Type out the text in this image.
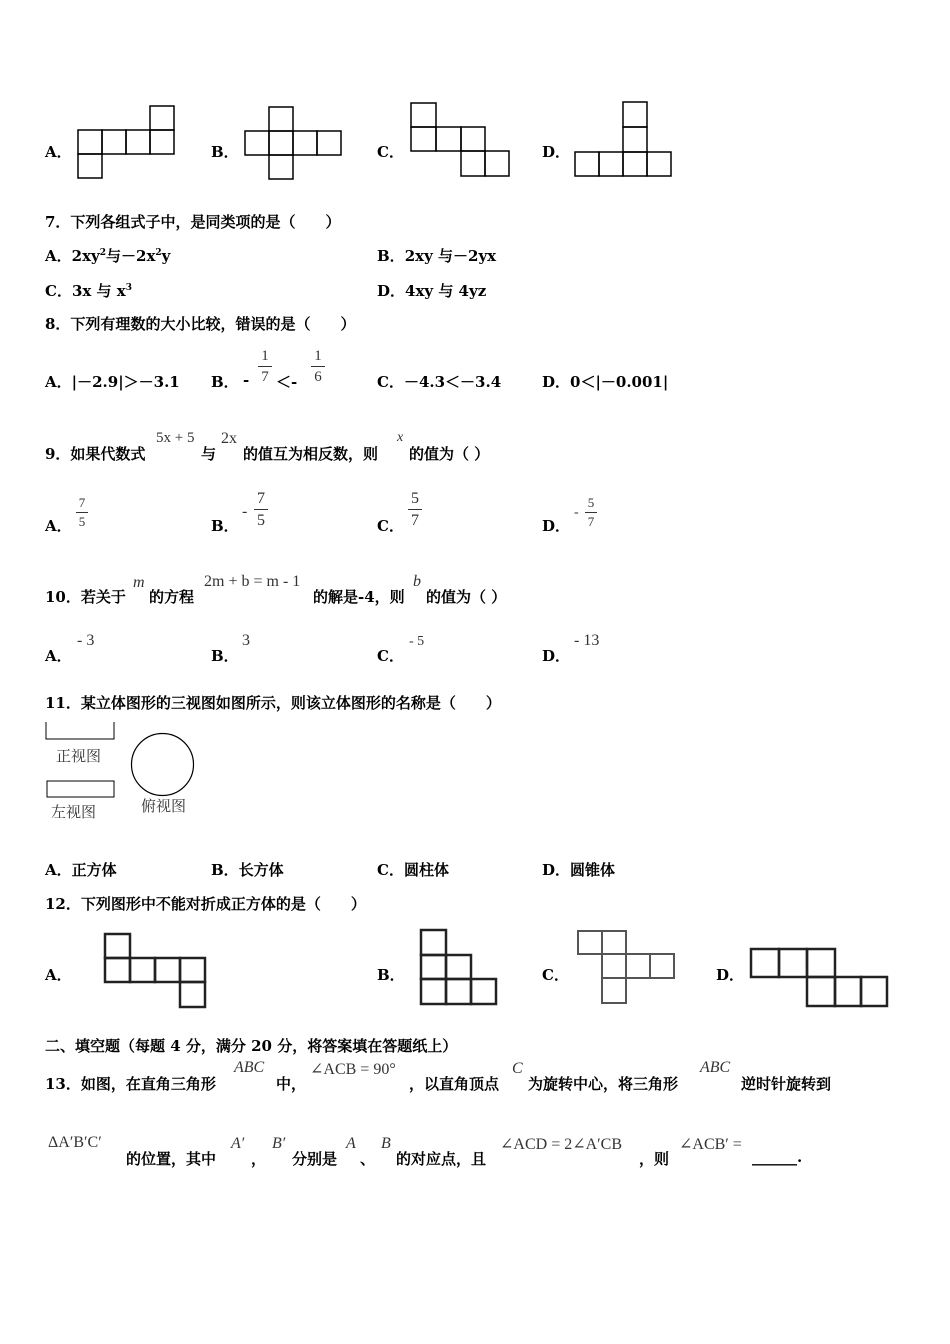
A．	B．	C．	D．
7．下列各组式子中，是同类项的是（　　）
A．$2xy^2$与$-2x^2y$	B．2xy 与－2yx
C．3x 与 $x^3$	D．4xy 与 4yz
8．下列有理数的大小比较，错误的是（　　）
A．|－2.9|＞－3.1 B． -
1
7 ＜-
1
6	C．－4.3＜－3.4	D．0＜|－0.001|
9．如果代数式
5x + 5
与
2x
的值互为相反数，则
x
的值为（ ）
A．
7
5	B．
-
7
5	C．
5
7	D．
-
5
7
10．若关于
m
的方程
2m + b = m - 1
的解是-4，则
b
的值为（ ）
A．
- 3
B．
3
C．
- 5
D．
- 13
11．某立体图形的三视图如图所示，则该立体图形的名称是（　　）
正视图
左视图	俯视图
A．正方体	B．长方体	C．圆柱体	D．圆锥体
12．下列图形中不能对折成正方体的是（　　）
A．	B．	C．	D．
二、填空题（每题 4 分，满分 20 分，将答案填在答题纸上）
13．如图，在直角三角形
ABC
中，
∠ACB = 90°
，以直角顶点
C
为旋转中心，将三角形
ABC
逆时针旋转到
ΔA′B′C′
的位置，其中
A′
，
B′
分别是
A
、
B
的对应点，且
∠ACD = 2∠A′CB
，则
∠ACB′ =
______.
